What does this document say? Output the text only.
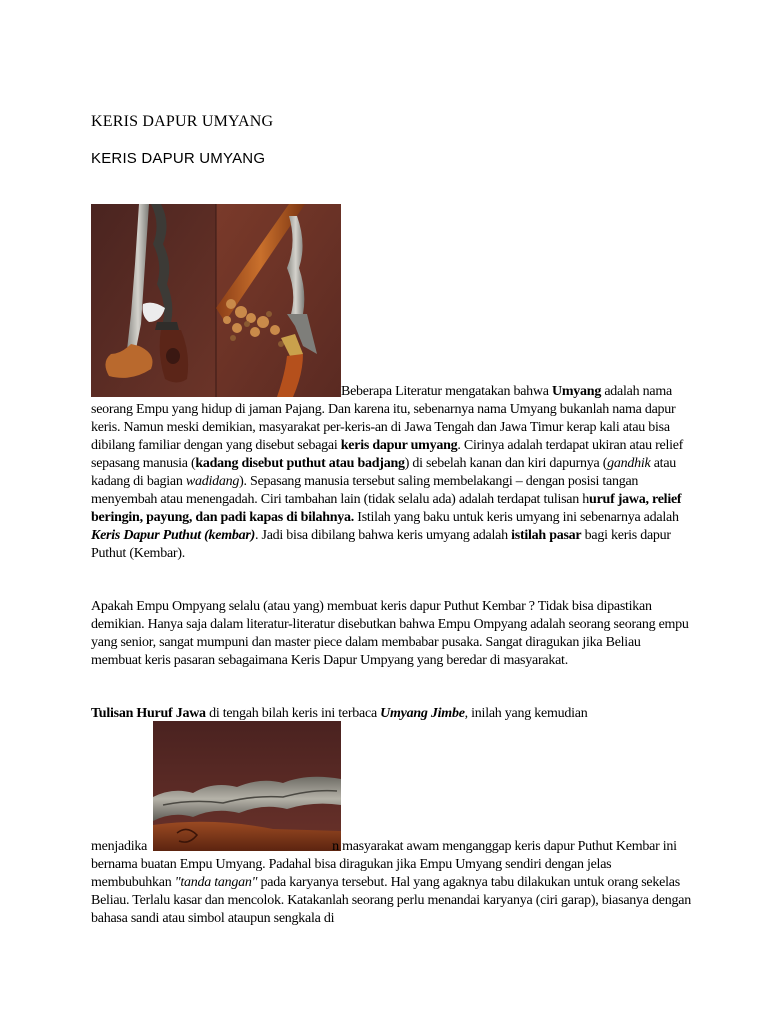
KERIS DAPUR UMYANG
KERIS DAPUR UMYANG
Beberapa Literatur mengatakan bahwa Umyang adalah nama seorang Empu yang hidup di jaman Pajang. Dan karena itu, sebenarnya nama Umyang bukanlah nama dapur keris. Namun meski demikian, masyarakat per-keris-an di Jawa Tengah dan Jawa Timur kerap kali atau bisa dibilang familiar dengan yang disebut sebagai keris dapur umyang. Cirinya adalah terdapat ukiran atau relief sepasang manusia (kadang disebut puthut atau badjang) di sebelah kanan dan kiri dapurnya (gandhik atau kadang di bagian wadidang). Sepasang manusia tersebut saling membelakangi – dengan posisi tangan menyembah atau menengadah. Ciri tambahan lain (tidak selalu ada) adalah terdapat tulisan huruf jawa, relief beringin, payung, dan padi kapas di bilahnya. Istilah yang baku untuk keris umyang ini sebenarnya adalah Keris Dapur Puthut (kembar). Jadi bisa dibilang bahwa keris umyang adalah istilah pasar bagi keris dapur Puthut (Kembar).
Apakah Empu Ompyang selalu (atau yang) membuat keris dapur Puthut Kembar ? Tidak bisa dipastikan demikian. Hanya saja dalam literatur-literatur disebutkan bahwa Empu Ompyang adalah seorang seorang empu yang senior, sangat mumpuni dan master piece dalam membabar pusaka. Sangat diragukan jika Beliau membuat keris pasaran sebagaimana Keris Dapur Umpyang yang beredar di masyarakat.
Tulisan Huruf Jawa di tengah bilah keris ini terbaca Umyang Jimbe, inilah yang kemudian
menjadika	n masyarakat awam menganggap keris dapur Puthut Kembar ini bernama buatan Empu Umyang. Padahal bisa diragukan jika Empu Umyang sendiri dengan jelas membubuhkan "tanda tangan" pada karyanya tersebut. Hal yang agaknya tabu dilakukan untuk orang sekelas Beliau. Terlalu kasar dan mencolok. Katakanlah seorang perlu menandai karyanya (ciri garap), biasanya dengan bahasa sandi atau simbol ataupun sengkala di
